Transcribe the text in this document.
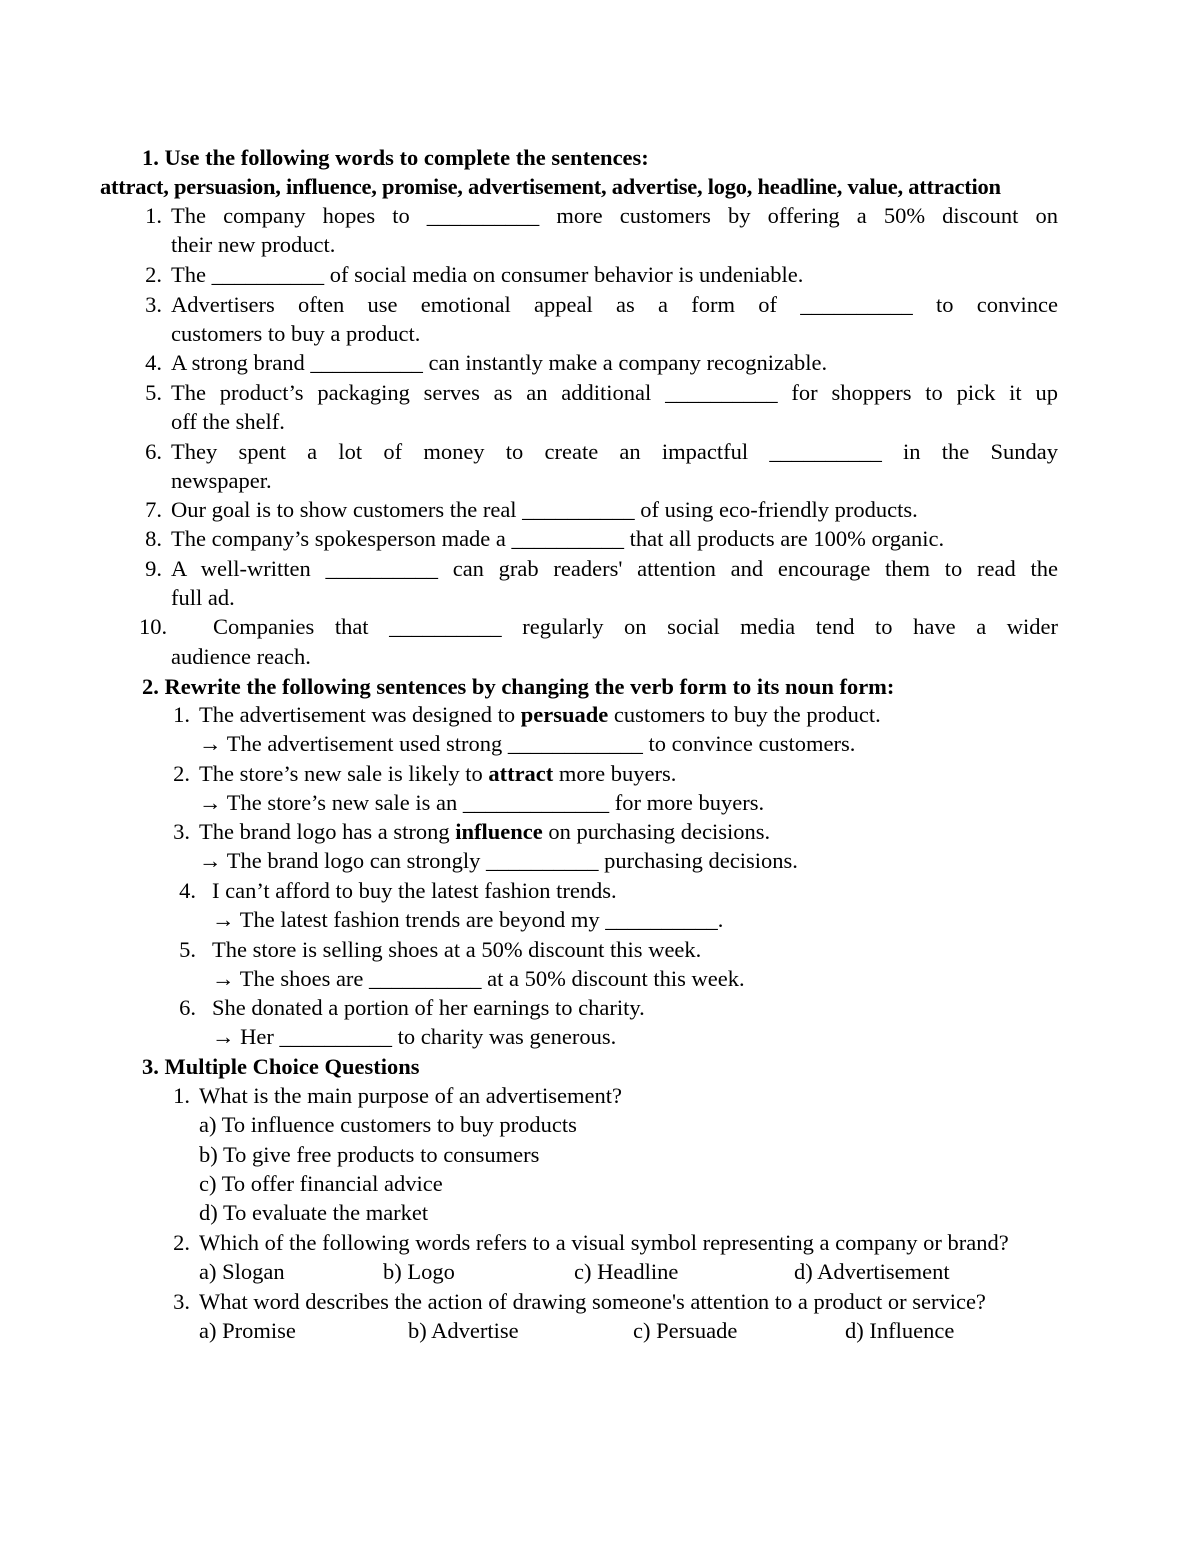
1. Use the following words to complete the sentences:
attract, persuasion, influence, promise, advertisement, advertise, logo, headline, value, attraction
1. The company hopes to __________ more customers by offering a 50% discount on
their new product.
2. The __________ of social media on consumer behavior is undeniable.
3. Advertisers often use emotional appeal as a form of __________ to convince
customers to buy a product.
4. A strong brand __________ can instantly make a company recognizable.
5. The product’s packaging serves as an additional __________ for shoppers to pick it up
off the shelf.
6. They spent a lot of money to create an impactful __________ in the Sunday
newspaper.
7. Our goal is to show customers the real __________ of using eco-friendly products.
8. The company’s spokesperson made a __________ that all products are 100% organic.
9. A well-written __________ can grab readers' attention and encourage them to read the
full ad.
10. Companies that __________ regularly on social media tend to have a wider
audience reach.
2. Rewrite the following sentences by changing the verb form to its noun form:
1. The advertisement was designed to persuade customers to buy the product.
→ The advertisement used strong ____________ to convince customers.
2. The store’s new sale is likely to attract more buyers.
→ The store’s new sale is an _____________ for more buyers.
3. The brand logo has a strong influence on purchasing decisions.
→ The brand logo can strongly __________ purchasing decisions.
4. I can’t afford to buy the latest fashion trends.
→ The latest fashion trends are beyond my __________.
5. The store is selling shoes at a 50% discount this week.
→ The shoes are __________ at a 50% discount this week.
6. She donated a portion of her earnings to charity.
→ Her __________ to charity was generous.
3. Multiple Choice Questions
1. What is the main purpose of an advertisement?
a) To influence customers to buy products
b) To give free products to consumers
c) To offer financial advice
d) To evaluate the market
2. Which of the following words refers to a visual symbol representing a company or brand?
a) Slogan	b) Logo	c) Headline	d) Advertisement
3. What word describes the action of drawing someone's attention to a product or service?
a) Promise	b) Advertise	c) Persuade	d) Influence
